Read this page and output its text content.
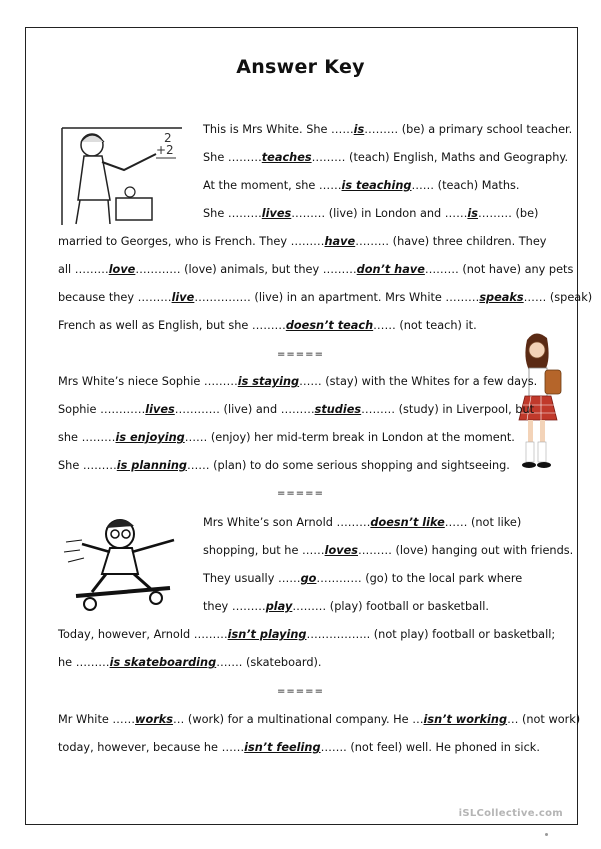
Answer Key
2
+2
This is Mrs White. She ……is……… (be) a primary school teacher.
She ………teaches……… (teach) English, Maths and Geography.
At the moment, she ……is teaching…… (teach) Maths.
She ………lives……… (live) in London and ……is……… (be)
married to Georges, who is French. They ………have……… (have) three children. They
all ………love………… (love) animals, but they ………don’t have……… (not have) any pets
because they ………live…………… (live) in an apartment. Mrs White ………speaks…… (speak)
French as well as English, but she ………doesn’t teach…… (not teach) it.
=====
Mrs White’s niece Sophie ………is staying…… (stay) with the Whites for a few days.
Sophie …………lives………… (live) and ………studies……… (study) in Liverpool, but
she ………is enjoying…… (enjoy) her mid-term break in London at the moment.
She ………is planning…… (plan) to do some serious shopping and sightseeing.
=====
Mrs White’s son Arnold ………doesn’t like…… (not like)
shopping, but he ……loves……… (love) hanging out with friends.
They usually ……go………… (go) to the local park where
they ………play……… (play) football or basketball.
Today, however, Arnold ………isn’t playing…………….. (not play) football or basketball;
he ………is skateboarding……. (skateboard).
=====
Mr White ……works… (work) for a multinational company. He …isn’t working… (not work)
today, however, because he ……isn’t feeling……. (not feel) well. He phoned in sick.
iSLCollective.com
